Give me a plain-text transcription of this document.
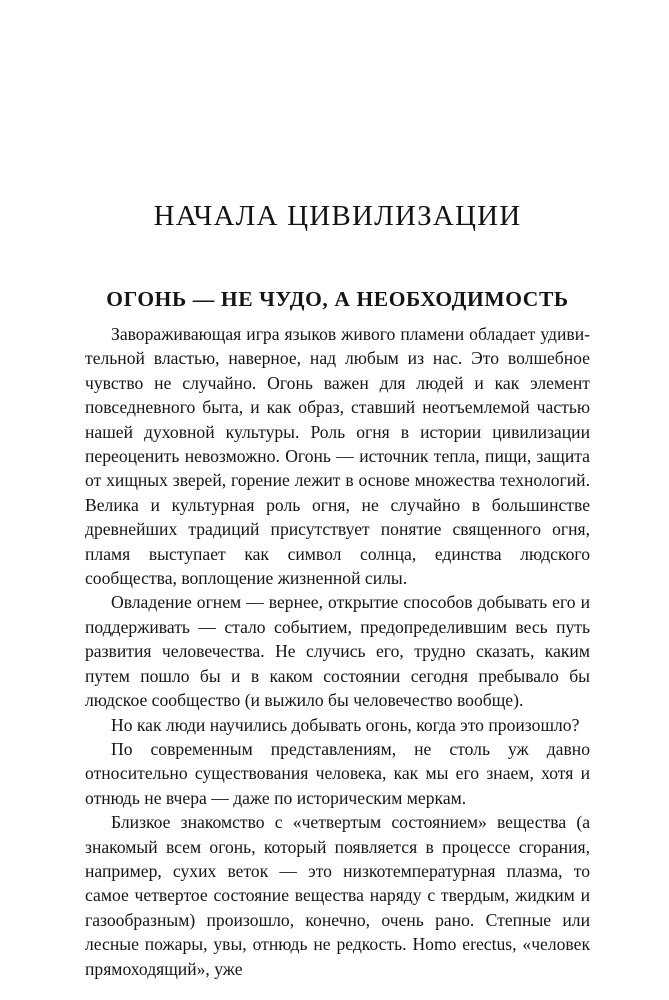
НАЧАЛА ЦИВИЛИЗАЦИИ
ОГОНЬ — НЕ ЧУДО, А НЕОБХОДИМОСТЬ

Завораживающая игра языков живого пламени обладает удивительной властью, наверное, над любым из нас. Это волшебное чувство не случайно. Огонь важен для людей и как элемент повседневного быта, и как образ, ставший неотъемлемой частью нашей духовной культуры. Роль огня в истории цивилизации переоценить невозможно. Огонь — источник тепла, пищи, защита от хищных зверей, горение лежит в основе множества технологий. Велика и культурная роль огня, не случайно в большинстве древнейших традиций присутствует понятие священного огня, пламя выступает как символ солнца, единства людского сообщества, воплощение жизненной силы.

Овладение огнем — вернее, открытие способов добывать его и поддерживать — стало событием, предопределившим весь путь развития человечества. Не случись его, трудно сказать, каким путем пошло бы и в каком состоянии сегодня пребывало бы людское сообщество (и выжило бы человечество вообще).

Но как люди научились добывать огонь, когда это произошло?

По современным представлениям, не столь уж давно относительно существования человека, как мы его знаем, хотя и отнюдь не вчера — даже по историческим меркам.

Близкое знакомство с «четвертым состоянием» вещества (а знакомый всем огонь, который появляется в процессе сгорания, например, сухих веток — это низкотемпературная плазма, то самое четвертое состояние вещества наряду с твердым, жидким и газообразным) произошло, конечно, очень рано. Степные или лесные пожары, увы, отнюдь не редкость. Homo erectus, «человек прямоходящий», уже
